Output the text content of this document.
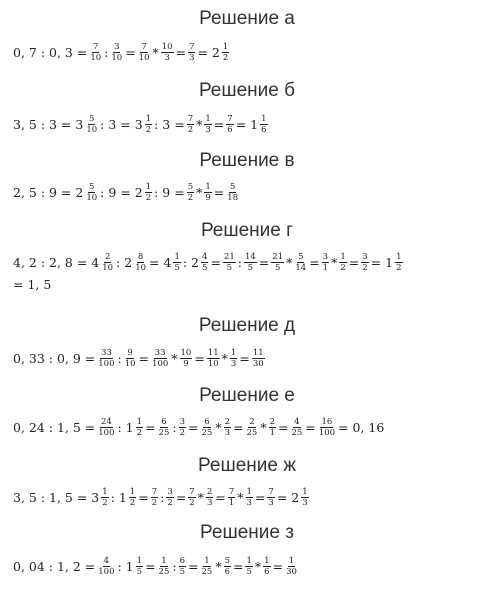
Решение а
0, 7 : 0, $3 = \frac{7}{10}$ : $\frac{3}{10} = \frac{7}{10} * \frac{10}{3} = \frac{7}{3} = 2 \frac{1}{2}$
Решение б
3, 5 : $3 = 3 \frac{5}{10}$ : $3 = 3 \frac{1}{2}$ : $3 = \frac{7}{2} * \frac{1}{3} = \frac{7}{6} = 1 \frac{1}{6}$
Решение в
2, 5 : $9 = 2 \frac{5}{10}$ : $9 = 2 \frac{1}{2}$ : $9 = \frac{5}{2} * \frac{1}{9} = \frac{5}{18}$
Решение г
4, 2 : 2, $8 = 4 \frac{2}{10}$ : $2 \frac{8}{10} = 4 \frac{1}{5}$ : $2 \frac{4}{5} = \frac{21}{5}$ : $\frac{14}{5} = \frac{21}{5} * \frac{5}{14} = \frac{3}{1} * \frac{1}{2} = \frac{3}{2} = 1 \frac{1}{2}$
= 1, 5
Решение д
0, 33 : 0, $9 = \frac{33}{100}$ : $\frac{9}{10} = \frac{33}{100} * \frac{10}{9} = \frac{11}{10} * \frac{1}{3} = \frac{11}{30}$
Решение е
0, 24 : 1, $5 = \frac{24}{100}$ : $1 \frac{1}{2} = \frac{6}{25}$ : $\frac{3}{2} = \frac{6}{25} * \frac{2}{3} = \frac{2}{25} * \frac{2}{1} = \frac{4}{25} = \frac{16}{100} = 0$, 16
Решение ж
3, 5 : 1, $5 = 3 \frac{1}{2}$ : $1 \frac{1}{2} = \frac{7}{2}$ : $\frac{3}{2} = \frac{7}{2} * \frac{2}{3} = \frac{7}{1} * \frac{1}{3} = \frac{7}{3} = 2 \frac{1}{3}$
Решение з
0, 04 : 1, $2 = \frac{4}{100}$ : $1 \frac{1}{5} = \frac{1}{25}$ : $\frac{6}{5} = \frac{1}{25} * \frac{5}{6} = \frac{1}{5} * \frac{1}{6} = \frac{1}{30}$
